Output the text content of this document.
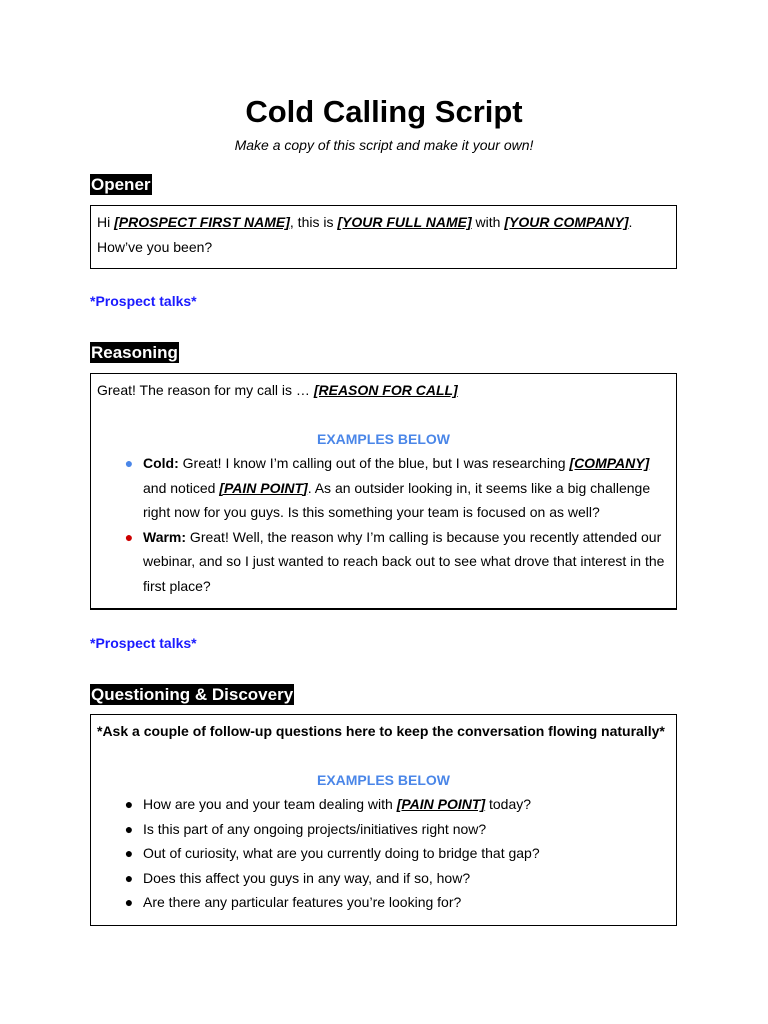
Cold Calling Script
Make a copy of this script and make it your own!
Opener
Hi [PROSPECT FIRST NAME], this is [YOUR FULL NAME] with [YOUR COMPANY].
How’ve you been?
*Prospect talks*
Reasoning
Great! The reason for my call is … [REASON FOR CALL]
EXAMPLES BELOW
● Cold: Great! I know I’m calling out of the blue, but I was researching [COMPANY] and noticed [PAIN POINT]. As an outsider looking in, it seems like a big challenge right now for you guys. Is this something your team is focused on as well?
● Warm: Great! Well, the reason why I’m calling is because you recently attended our webinar, and so I just wanted to reach back out to see what drove that interest in the first place?
*Prospect talks*
Questioning & Discovery
*Ask a couple of follow-up questions here to keep the conversation flowing naturally*
EXAMPLES BELOW
● How are you and your team dealing with [PAIN POINT] today?
● Is this part of any ongoing projects/initiatives right now?
● Out of curiosity, what are you currently doing to bridge that gap?
● Does this affect you guys in any way, and if so, how?
● Are there any particular features you’re looking for?
